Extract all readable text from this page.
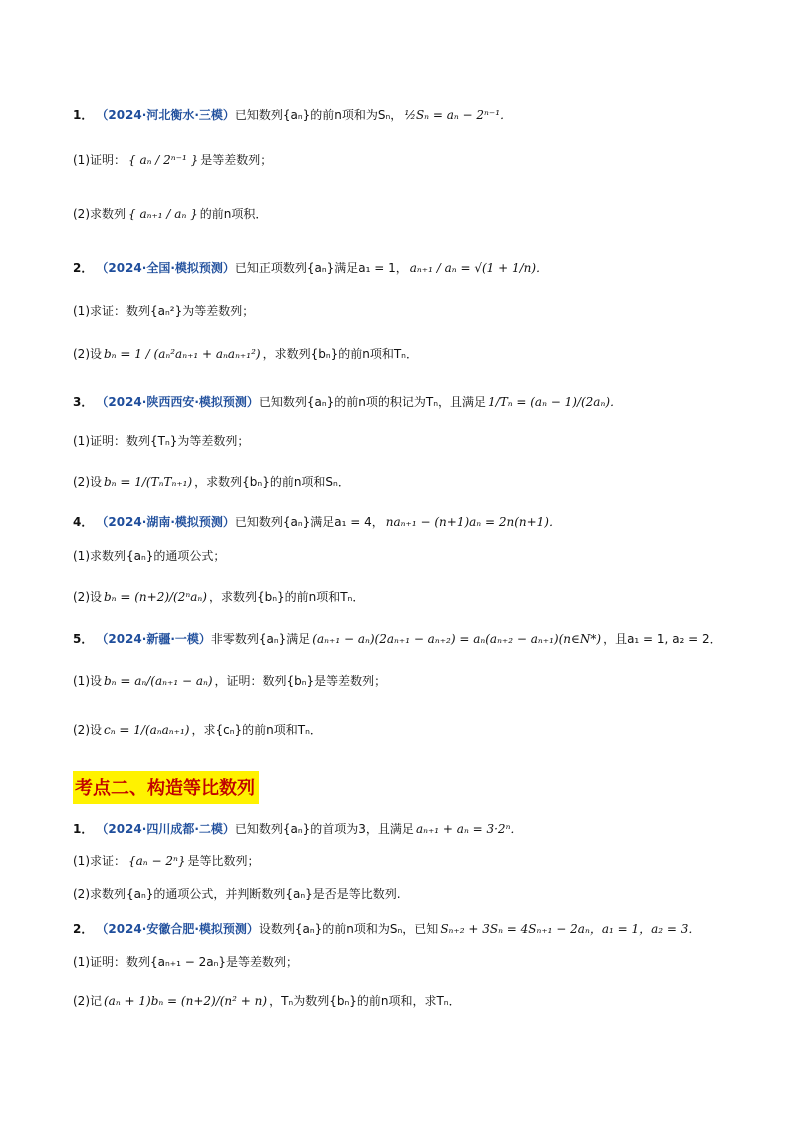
1． （2024·河北衡水·三模） 已知数列{aₙ}的前n项和为Sₙ， ½Sₙ = aₙ − 2ⁿ⁻¹．
(1)证明： { aₙ / 2ⁿ⁻¹ } 是等差数列；
(2)求数列 { aₙ₊₁ / aₙ } 的前n项积．
2． （2024·全国·模拟预测） 已知正项数列{aₙ}满足a₁ = 1， aₙ₊₁ / aₙ = √(1 + 1/n)．
(1)求证：数列{aₙ²}为等差数列；
(2)设 bₙ = 1 / (aₙ²aₙ₊₁ + aₙaₙ₊₁²) ，求数列{bₙ}的前n项和Tₙ．
3． （2024·陕西西安·模拟预测） 已知数列{aₙ}的前n项的积记为Tₙ，且满足 1/Tₙ = (aₙ − 1)/(2aₙ)．
(1)证明：数列{Tₙ}为等差数列；
(2)设 bₙ = 1/(TₙTₙ₊₁) ，求数列{bₙ}的前n项和Sₙ．
4． （2024·湖南·模拟预测） 已知数列{aₙ}满足a₁ = 4， naₙ₊₁ − (n+1)aₙ = 2n(n+1)．
(1)求数列{aₙ}的通项公式；
(2)设 bₙ = (n+2)/(2ⁿaₙ) ，求数列{bₙ}的前n项和Tₙ．
5． （2024·新疆·一模） 非零数列{aₙ}满足 (aₙ₊₁ − aₙ)(2aₙ₊₁ − aₙ₊₂) = aₙ(aₙ₊₂ − aₙ₊₁)(n∈N*) ，且a₁ = 1, a₂ = 2．
(1)设 bₙ = aₙ/(aₙ₊₁ − aₙ) ，证明：数列{bₙ}是等差数列；
(2)设 cₙ = 1/(aₙaₙ₊₁) ，求{cₙ}的前n项和Tₙ．
考点二、构造等比数列
1． （2024·四川成都·二模） 已知数列{aₙ}的首项为3，且满足 aₙ₊₁ + aₙ = 3·2ⁿ．
(1)求证： {aₙ − 2ⁿ} 是等比数列；
(2)求数列{aₙ}的通项公式，并判断数列{aₙ}是否是等比数列.
2． （2024·安徽合肥·模拟预测） 设数列{aₙ}的前n项和为Sₙ，已知 Sₙ₊₂ + 3Sₙ = 4Sₙ₊₁ − 2aₙ，a₁ = 1，a₂ = 3．
(1)证明：数列{aₙ₊₁ − 2aₙ}是等差数列；
(2)记 (aₙ + 1)bₙ = (n+2)/(n² + n) ，Tₙ为数列{bₙ}的前n项和，求Tₙ．
